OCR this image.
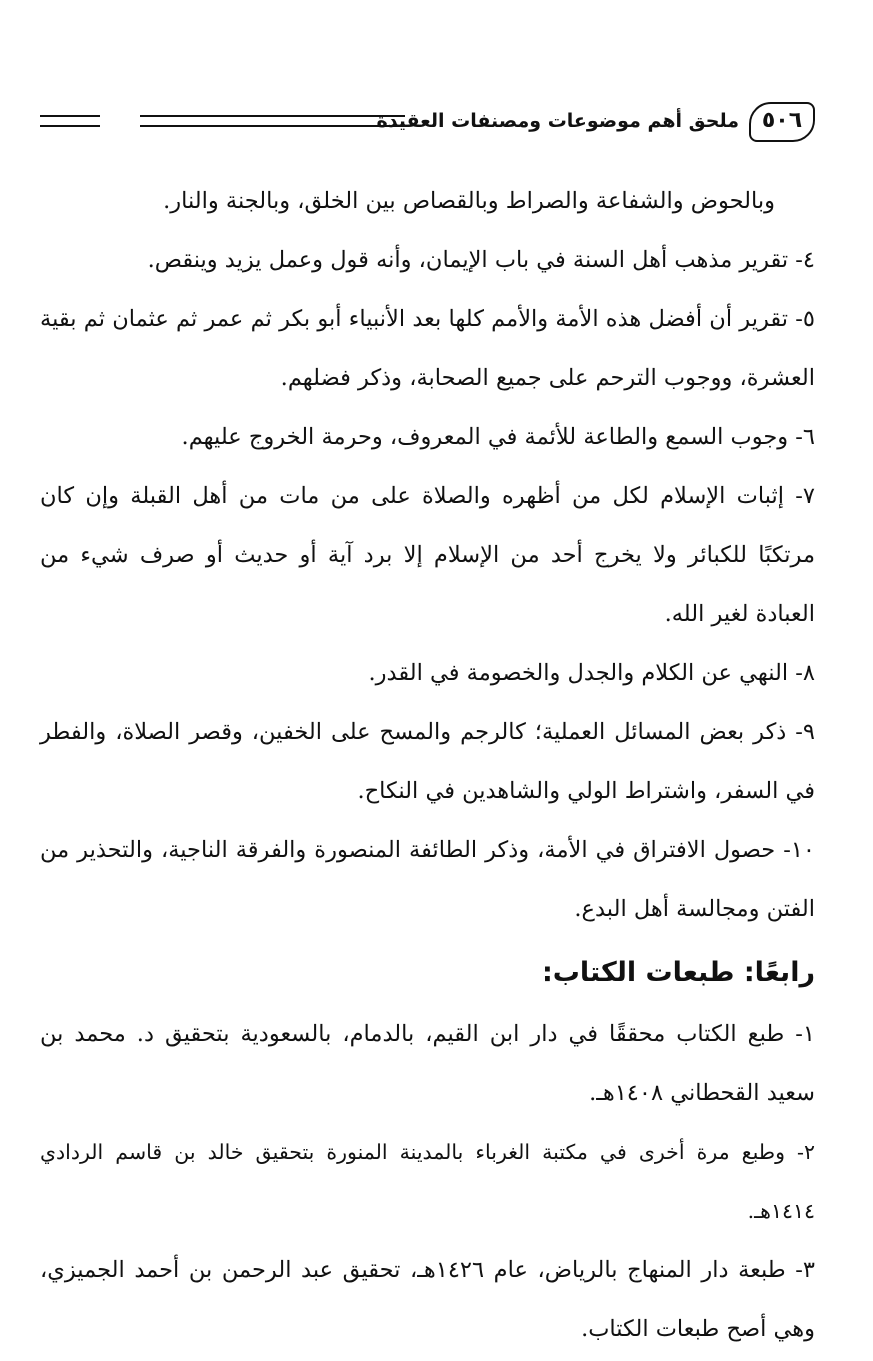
ملحق أهم موضوعات ومصنفات العقيدة	٥٠٦

وبالحوض والشفاعة والصراط وبالقصاص بين الخلق، وبالجنة والنار.

٤- تقرير مذهب أهل السنة في باب الإيمان، وأنه قول وعمل يزيد وينقص.

٥- تقرير أن أفضل هذه الأمة والأمم كلها بعد الأنبياء أبو بكر ثم عمر ثم عثمان ثم بقية العشرة، ووجوب الترحم على جميع الصحابة، وذكر فضلهم.

٦- وجوب السمع والطاعة للأئمة في المعروف، وحرمة الخروج عليهم.

٧- إثبات الإسلام لكل من أظهره والصلاة على من مات من أهل القبلة وإن كان مرتكبًا للكبائر ولا يخرج أحد من الإسلام إلا برد آية أو حديث أو صرف شيء من العبادة لغير الله.

٨- النهي عن الكلام والجدل والخصومة في القدر.

٩- ذكر بعض المسائل العملية؛ كالرجم والمسح على الخفين، وقصر الصلاة، والفطر في السفر، واشتراط الولي والشاهدين في النكاح.

١٠- حصول الافتراق في الأمة، وذكر الطائفة المنصورة والفرقة الناجية، والتحذير من الفتن ومجالسة أهل البدع.

رابعًا: طبعات الكتاب:

١- طبع الكتاب محققًا في دار ابن القيم، بالدمام، بالسعودية بتحقيق د. محمد بن سعيد القحطاني ١٤٠٨هـ.

٢- وطبع مرة أخرى في مكتبة الغرباء بالمدينة المنورة بتحقيق خالد بن قاسم الردادي ١٤١٤هـ.

٣- طبعة دار المنهاج بالرياض، عام ١٤٢٦هـ، تحقيق عبد الرحمن بن أحمد الجميزي، وهي أصح طبعات الكتاب.
